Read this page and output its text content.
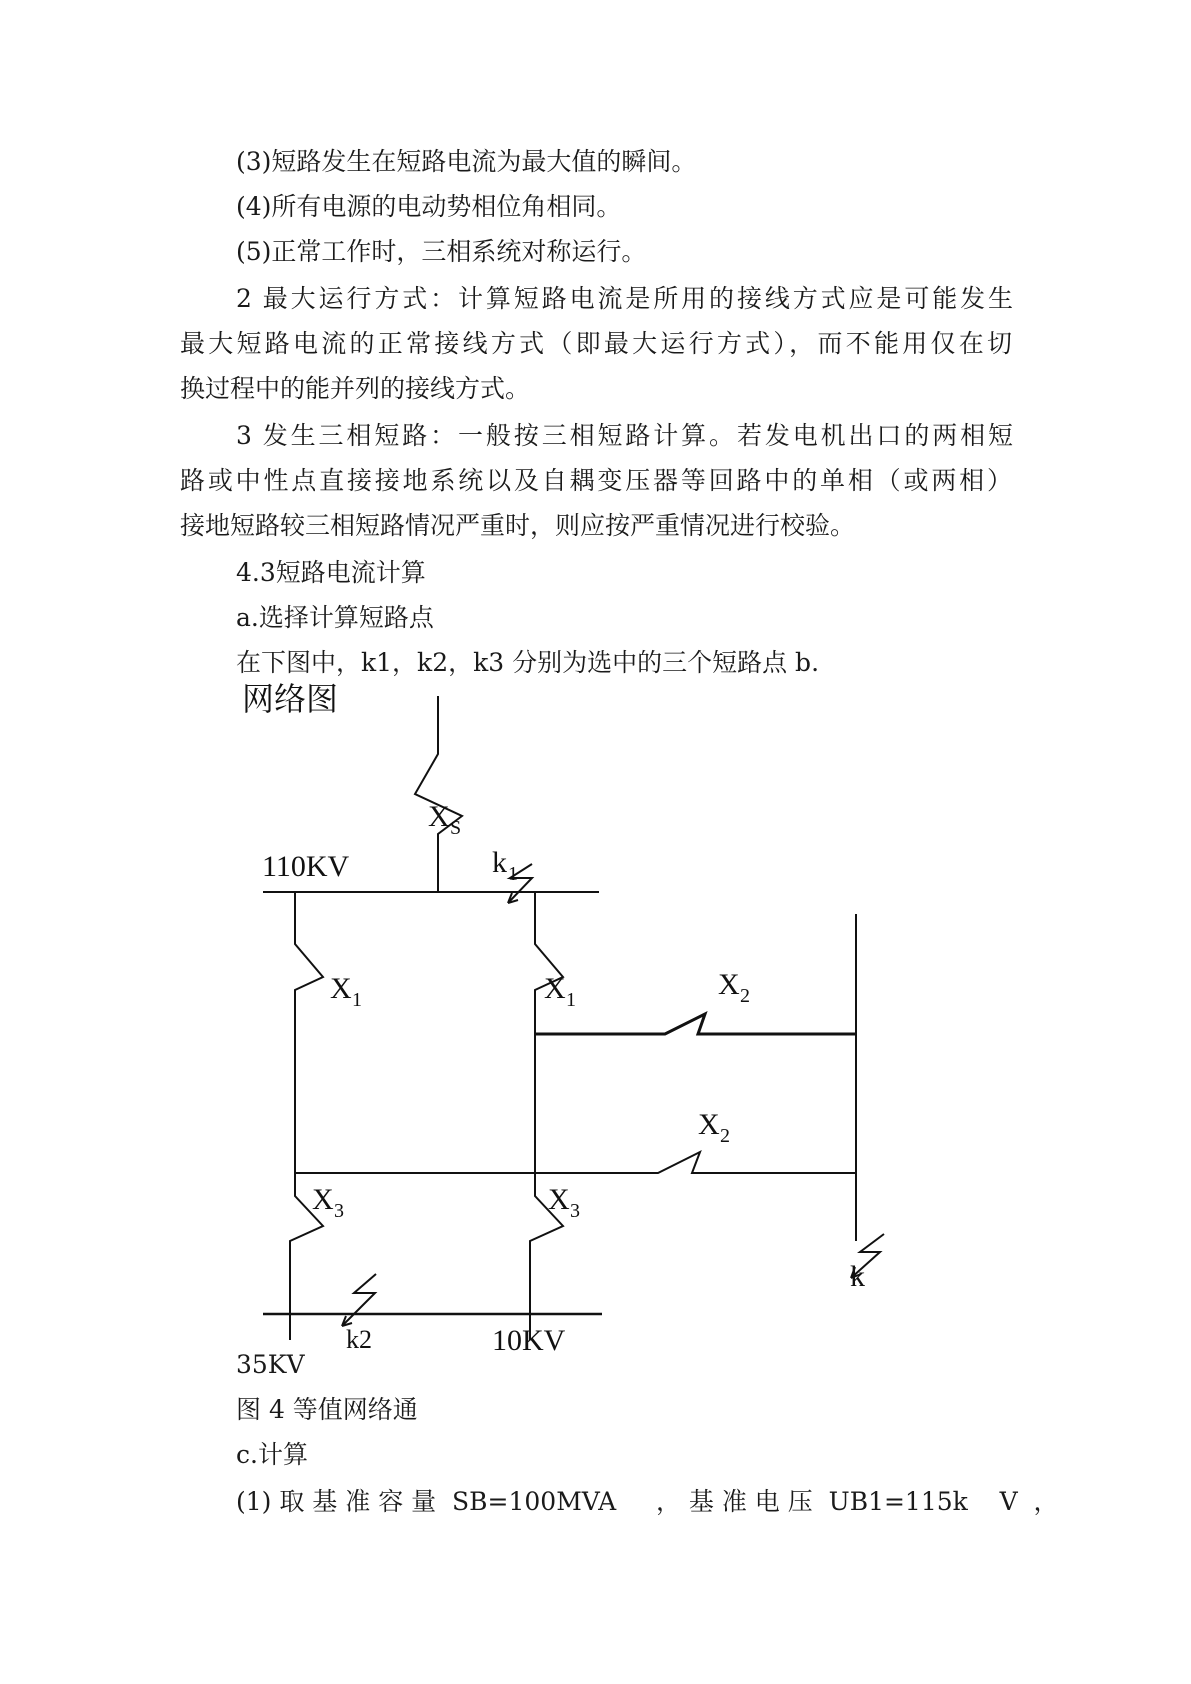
(3)短路发生在短路电流为最大值的瞬间。
(4)所有电源的电动势相位角相同。
(5)正常工作时，三相系统对称运行。
2 最大运行方式：计算短路电流是所用的接线方式应是可能发生
最大短路电流的正常接线方式（即最大运行方式），而不能用仅在切
换过程中的能并列的接线方式。
3 发生三相短路：一般按三相短路计算。若发电机出口的两相短
路或中性点直接接地系统以及自耦变压器等回路中的单相（或两相）
接地短路较三相短路情况严重时，则应按严重情况进行校验。
4.3短路电流计算
a.选择计算短路点
在下图中，k1，k2，k3 分别为选中的三个短路点 b.
网络图
X S
110KV	k 1
X 1	X 1	X 2
X 2
X 3	X 3
k
k2	10KV
35KV
图 4 等值网络通
c.计算
(1) 取 基 准 容 量  SB=100MVA     ， 基 准 电 压  UB1=115k    V  ，
